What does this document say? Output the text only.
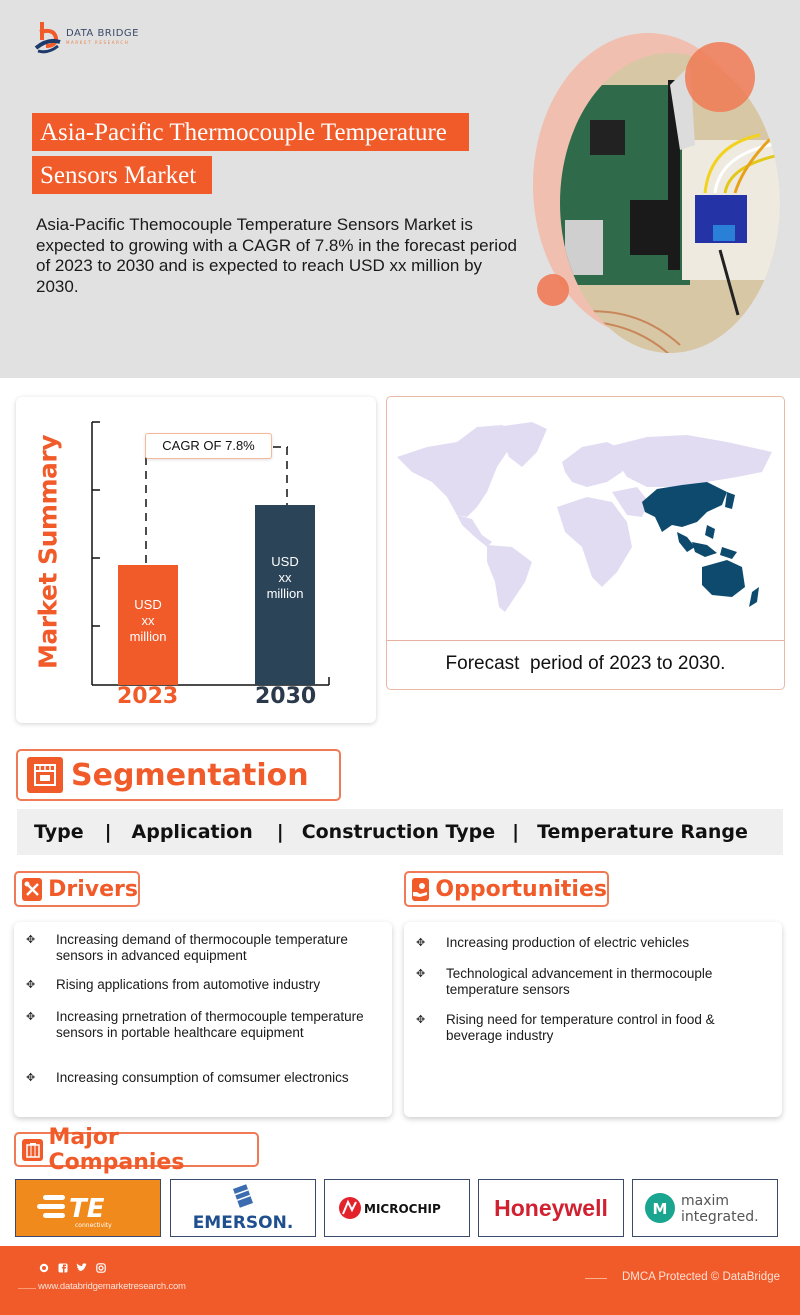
DATA BRIDGE
MARKET RESEARCH
Asia-Pacific Thermocouple Temperature
Sensors Market
Asia-Pacific Themocouple Temperature Sensors Market is expected to growing with a CAGR of 7.8% in the forecast period of 2023 to 2030 and is expected to reach USD xx million by 2030.
Market Summary	USD
xx
million
USD
xx
million
2023	2030
CAGR OF 7.8%
Forecast  period of 2023 to 2030.
Segmentation
Type | Application | Construction Type | Temperature Range
Drivers
✥ Increasing demand of thermocouple temperature sensors in advanced equipment
✥ Rising applications from automotive industry
✥ Increasing prnetration of thermocouple temperature sensors in portable healthcare equipment
✥ Increasing consumption of comsumer electronics
Opportunities
✥ Increasing production of electric vehicles
✥ Technological advancement in thermocouple temperature sensors
✥ Rising need for temperature control in food & beverage industry
Major Companies
TE
connectivity	EMERSON.
MICROCHIP Honeywell	M maxim
integrated.
www.databridgemarketresearch.com
DMCA Protected © DataBridge
